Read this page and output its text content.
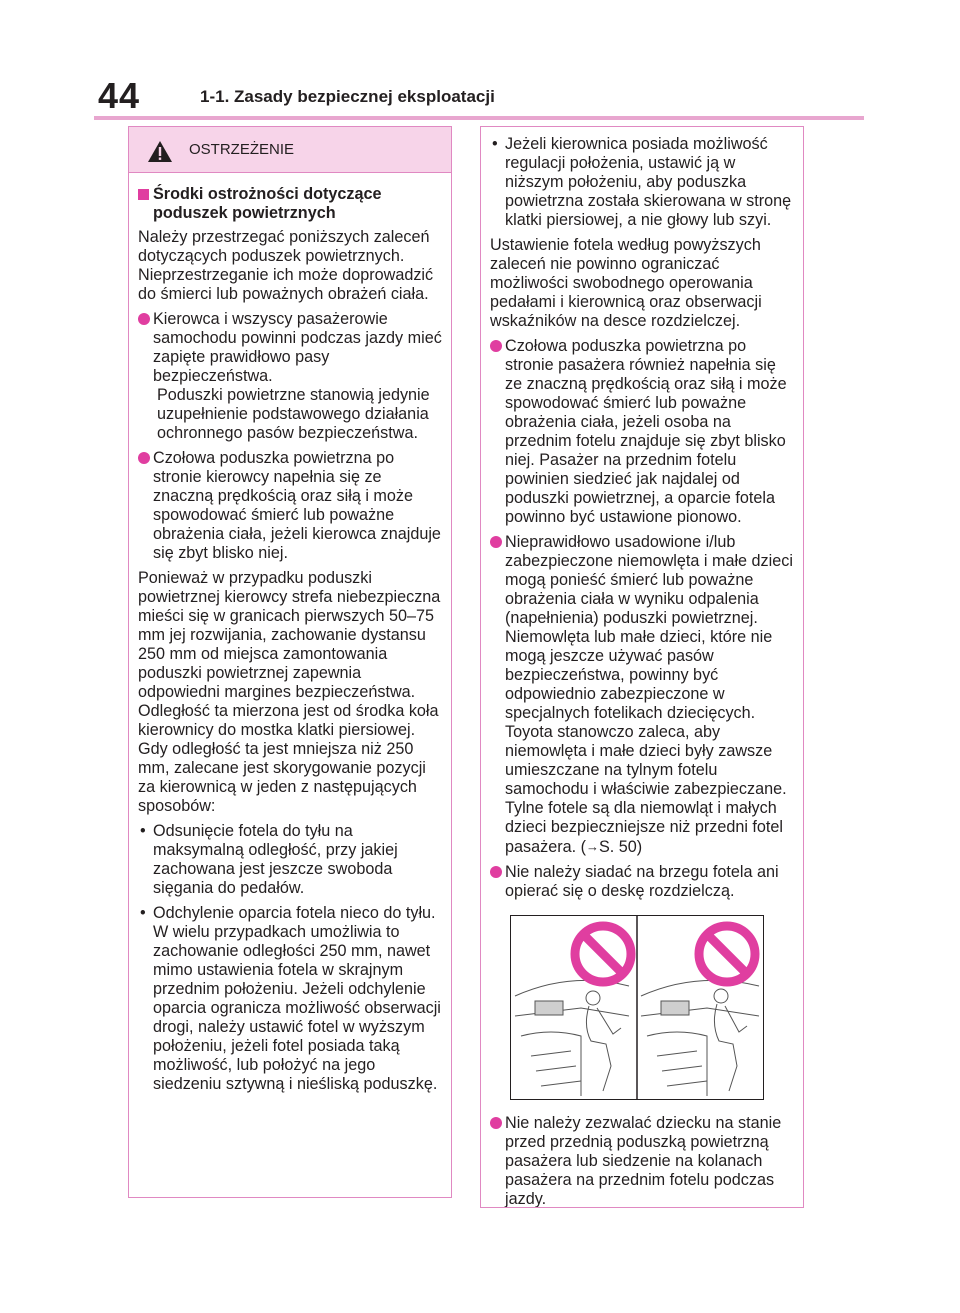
44	1-1. Zasady bezpiecznej eksploatacji
OSTRZEŻENIE
Środki ostrożności dotyczące poduszek powietrznych

Należy przestrzegać poniższych zaleceń dotyczących poduszek powietrznych. Nieprzestrzeganie ich może doprowadzić do śmierci lub poważnych obrażeń ciała.

Kierowca i wszyscy pasażerowie samochodu powinni podczas jazdy mieć zapięte prawidłowo pasy bezpieczeństwa.
Poduszki powietrzne stanowią jedynie uzupełnienie podstawowego działania ochronnego pasów bezpieczeństwa.
Czołowa poduszka powietrzna po stronie kierowcy napełnia się ze znaczną prędkością oraz siłą i może spowodować śmierć lub poważne obrażenia ciała, jeżeli kierowca znajduje się zbyt blisko niej.

Ponieważ w przypadku poduszki powietrznej kierowcy strefa niebezpieczna mieści się w granicach pierwszych 50–75 mm jej rozwijania, zachowanie dystansu 250 mm od miejsca zamontowania poduszki powietrznej zapewnia odpowiedni margines bezpieczeństwa. Odległość ta mierzona jest od środka koła kierownicy do mostka klatki piersiowej. Gdy odległość ta jest mniejsza niż 250 mm, zalecane jest skorygowanie pozycji za kierownicą w jeden z następujących sposobów:

• Odsunięcie fotela do tyłu na maksymalną odległość, przy jakiej zachowana jest jeszcze swoboda sięgania do pedałów.
• Odchylenie oparcia fotela nieco do tyłu.
W wielu przypadkach umożliwia to zachowanie odległości 250 mm, nawet mimo ustawienia fotela w skrajnym przednim położeniu. Jeżeli odchylenie oparcia ogranicza możliwość obserwacji drogi, należy ustawić fotel w wyższym położeniu, jeżeli fotel posiada taką możliwość, lub położyć na jego siedzeniu sztywną i nieśliską poduszkę.
• Jeżeli kierownica posiada możliwość regulacji położenia, ustawić ją w niższym położeniu, aby poduszka powietrzna została skierowana w stronę klatki piersiowej, a nie głowy lub szyi.

Ustawienie fotela według powyższych zaleceń nie powinno ograniczać możliwości swobodnego operowania pedałami i kierownicą oraz obserwacji wskaźników na desce rozdzielczej.

Czołowa poduszka powietrzna po stronie pasażera również napełnia się ze znaczną prędkością oraz siłą i może spowodować śmierć lub poważne obrażenia ciała, jeżeli osoba na przednim fotelu znajduje się zbyt blisko niej. Pasażer na przednim fotelu powinien siedzieć jak najdalej od poduszki powietrznej, a oparcie fotela powinno być ustawione pionowo.
Nieprawidłowo usadowione i/lub zabezpieczone niemowlęta i małe dzieci mogą ponieść śmierć lub poważne obrażenia ciała w wyniku odpalenia (napełnienia) poduszki powietrznej. Niemowlęta lub małe dzieci, które nie mogą jeszcze używać pasów bezpieczeństwa, powinny być odpowiednio zabezpieczone w specjalnych fotelikach dziecięcych. Toyota stanowczo zaleca, aby niemowlęta i małe dzieci były zawsze umieszczane na tylnym fotelu samochodu i właściwie zabezpieczane. Tylne fotele są dla niemowląt i małych dzieci bezpieczniejsze niż przedni fotel pasażera. (→S. 50)
Nie należy siadać na brzegu fotela ani opierać się o deskę rozdzielczą.
Nie należy zezwalać dziecku na stanie przed przednią poduszką powietrzną pasażera lub siedzenie na kolanach pasażera na przednim fotelu podczas jazdy.
